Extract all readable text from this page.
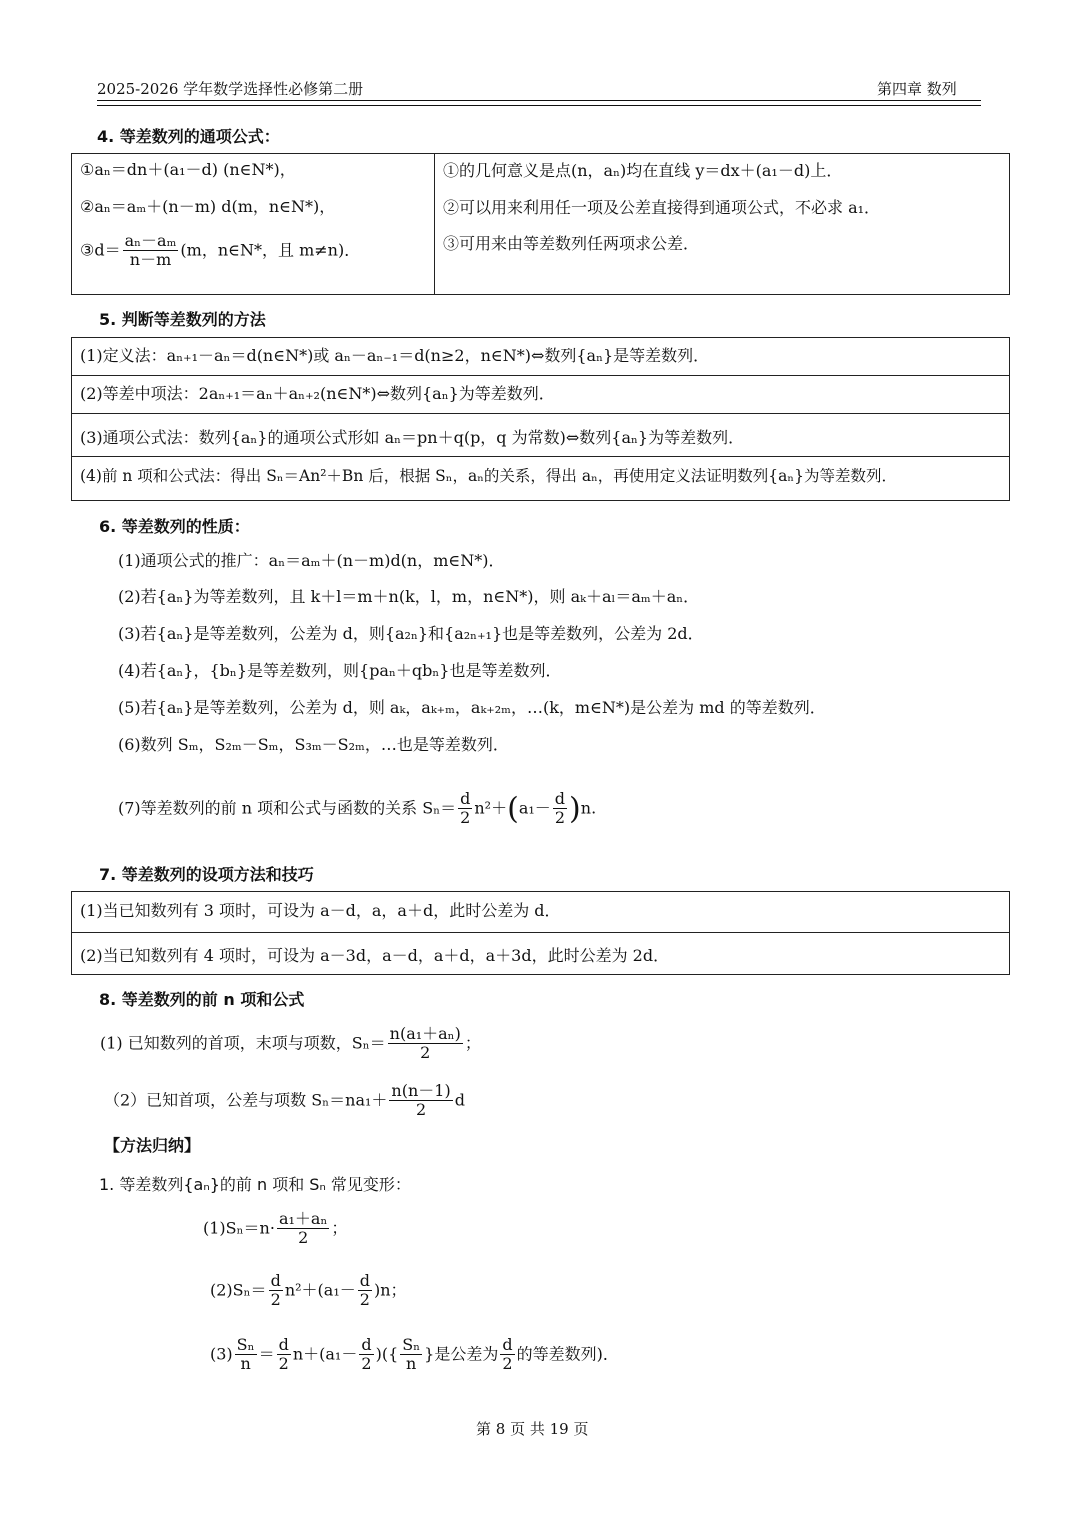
2025-2026 学年数学选择性必修第二册	第四章 数列
4. 等差数列的通项公式：
①aₙ＝dn＋(a₁－d) (n∈N*)，
②aₙ＝aₘ＋(n－m) d(m，n∈N*)，
③d＝ $\frac{\text{aₙ－aₘ}}{n-m} (m$，n∈N*，且 m≠n)．
①的几何意义是点(n，aₙ)均在直线 y＝dx＋(a₁－d)上．
②可以用来利用任一项及公差直接得到通项公式，不必求 a₁．
③可用来由等差数列任两项求公差．
5. 判断等差数列的方法
(1)定义法：aₙ₊₁－aₙ＝d(n∈N*)或 aₙ－aₙ₋₁＝d(n≥2，n∈N*)⇔数列{aₙ}是等差数列．
(2)等差中项法：2aₙ₊₁＝aₙ＋aₙ₊₂(n∈N*)⇔数列{aₙ}为等差数列．
(3)通项公式法：数列{aₙ}的通项公式形如 aₙ＝pn＋q(p，q 为常数)⇔数列{aₙ}为等差数列．
(4)前 n 项和公式法：得出 Sₙ＝An²＋Bn 后，根据 Sₙ，aₙ的关系，得出 aₙ，再使用定义法证明数列{aₙ}为等差数列．
6. 等差数列的性质：
(1)通项公式的推广：aₙ＝aₘ＋(n－m)d(n，m∈N*)．
(2)若{aₙ}为等差数列，且 k＋l＝m＋n(k，l，m，n∈N*)，则 aₖ＋aₗ＝aₘ＋aₙ．
(3)若{aₙ}是等差数列，公差为 d，则{a₂ₙ}和{a₂ₙ₊₁}也是等差数列，公差为 2d．
(4)若{aₙ}，{bₙ}是等差数列，则{paₙ＋qbₙ}也是等差数列．
(5)若{aₙ}是等差数列，公差为 d，则 aₖ，aₖ₊ₘ，aₖ₊₂ₘ，…(k，m∈N*)是公差为 md 的等差数列．
(6)数列 Sₘ，S₂ₘ－Sₘ，S₃ₘ－S₂ₘ，…也是等差数列．
(7)等差数列的前 n 项和公式与函数的关系 $S_n= \frac{d}{2} n^2+(a_1- \frac{d}{2} )n$.
7. 等差数列的设项方法和技巧
(1)当已知数列有 3 项时，可设为 a－d，a，a＋d，此时公差为 d．
(2)当已知数列有 4 项时，可设为 a－3d，a－d，a＋d，a＋3d，此时公差为 2d．
8. 等差数列的前 n 项和公式
(1) 已知数列的首项，末项与项数，$S_n= \frac{\text{n(a₁＋aₙ)}}{2}$ ；
（2）已知首项，公差与项数 $S_n=na_1+ \frac{n(n-1)}{2}$ d
【方法归纳】
1. 等差数列{aₙ}的前 n 项和 Sₙ 常见变形：
$(1)S_n=n\cdot \frac{\text{a₁＋aₙ}}{2}$ ；
$(2)S_n= \frac{d}{2} n^2+(a_1- \frac{d}{2} )n$；
$(3) \frac{\text{Sₙ}}{n} = \frac{d}{2} n+(a_1- \frac{d}{2}$ )({ $\frac{\text{Sₙ}}{n}$ }是公差为 $\frac{d}{2}$ 的等差数列)．
第 8 页 共 19 页
